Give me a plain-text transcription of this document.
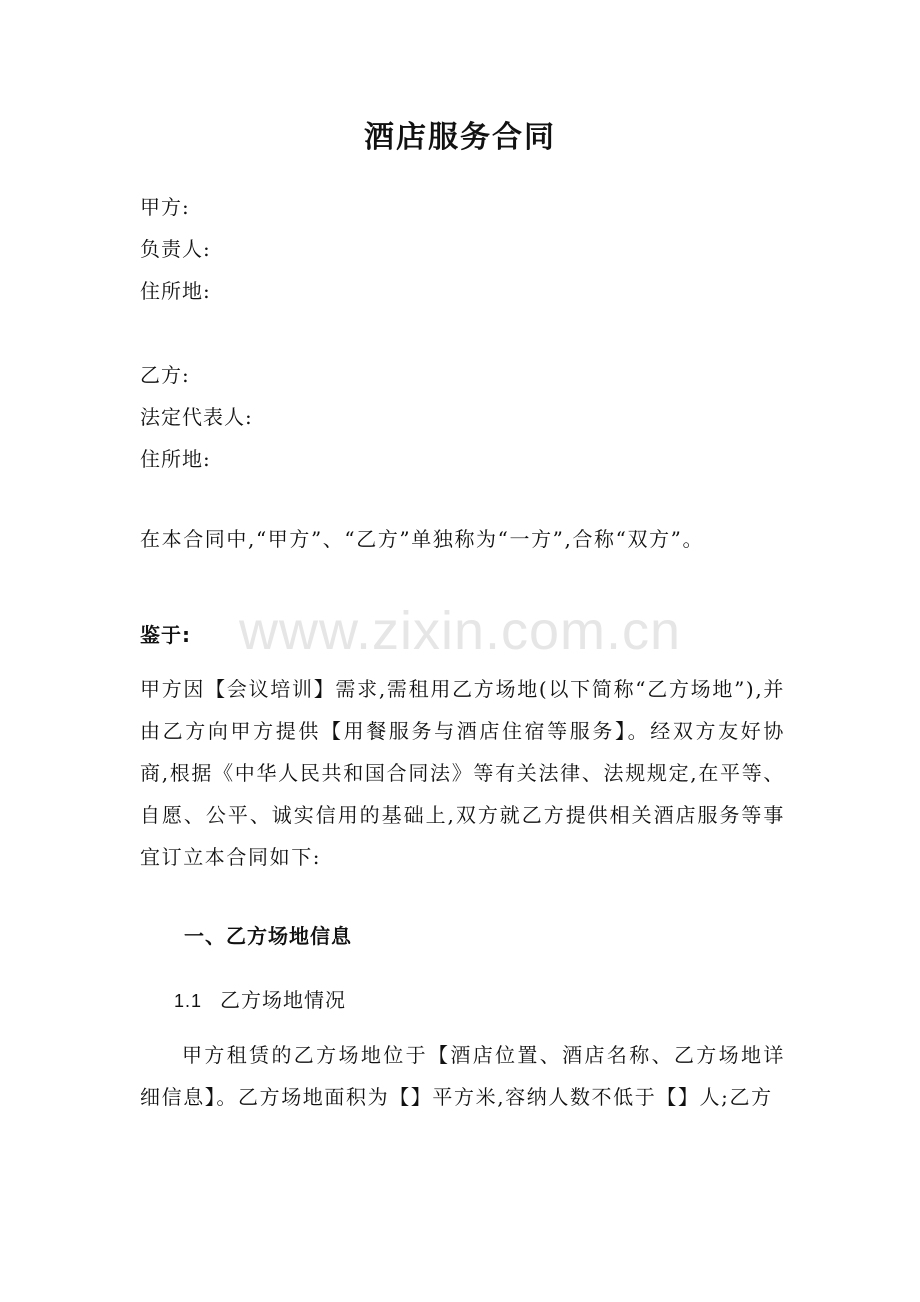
www.zixin.com.cn
酒店服务合同
甲方:
负责人:
住所地:
乙方:
法定代表人:
住所地:

在本合同中,“甲方”、“乙方”单独称为“一方”,合称“双方”。

鉴于:

甲方因【会议培训】需求,需租用乙方场地(以下简称“乙方场地”),并由乙方向甲方提供【用餐服务与酒店住宿等服务】。经双方友好协商,根据《中华人民共和国合同法》等有关法律、法规规定,在平等、自愿、公平、诚实信用的基础上,双方就乙方提供相关酒店服务等事宜订立本合同如下:

一、乙方场地信息
1.1 乙方场地情况

甲方租赁的乙方场地位于【酒店位置、酒店名称、乙方场地详细信息】。乙方场地面积为【】平方米,容纳人数不低于【】人;乙方
